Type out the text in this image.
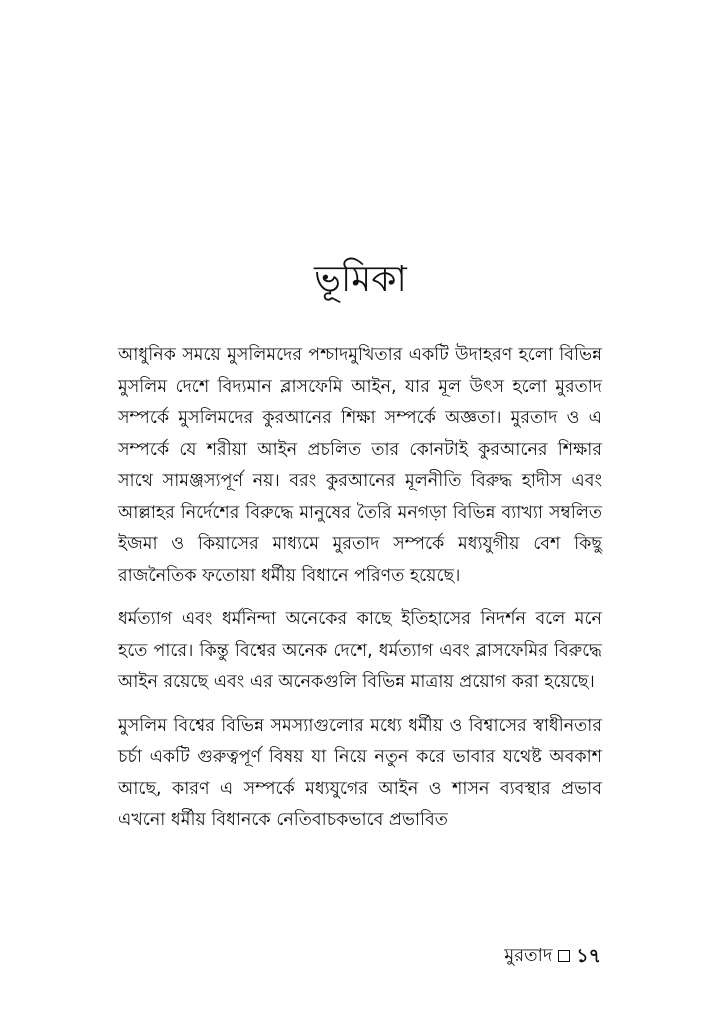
ভূমিকা

আধুনিক সময়ে মুসলিমদের পশ্চাদমুখিতার একটি উদাহরণ হলো বিভিন্ন মুসলিম দেশে বিদ্যমান ব্লাসফেমি আইন, যার মূল উৎস হলো মুরতাদ সম্পর্কে মুসলিমদের কুরআনের শিক্ষা সম্পর্কে অজ্ঞতা। মুরতাদ ও এ সম্পর্কে যে শরীয়া আইন প্রচলিত তার কোনটাই কুরআনের শিক্ষার সাথে সামঞ্জস্যপূর্ণ নয়। বরং কুরআনের মূলনীতি বিরুদ্ধ হাদীস এবং আল্লাহর নির্দেশের বিরুদ্ধে মানুষের তৈরি মনগড়া বিভিন্ন ব্যাখ্যা সম্বলিত ইজমা ও কিয়াসের মাধ্যমে মুরতাদ সম্পর্কে মধ্যযুগীয় বেশ কিছু রাজনৈতিক ফতোয়া ধর্মীয় বিধানে পরিণত হয়েছে।

ধর্মত্যাগ এবং ধর্মনিন্দা অনেকের কাছে ইতিহাসের নিদর্শন বলে মনে হতে পারে। কিন্তু বিশ্বের অনেক দেশে, ধর্মত্যাগ এবং ব্লাসফেমির বিরুদ্ধে আইন রয়েছে এবং এর অনেকগুলি বিভিন্ন মাত্রায় প্রয়োগ করা হয়েছে।

মুসলিম বিশ্বের বিভিন্ন সমস্যাগুলোর মধ্যে ধর্মীয় ও বিশ্বাসের স্বাধীনতার চর্চা একটি গুরুত্বপূর্ণ বিষয় যা নিয়ে নতুন করে ভাবার যথেষ্ট অবকাশ আছে, কারণ এ সম্পর্কে মধ্যযুগের আইন ও শাসন ব্যবস্থার প্রভাব এখনো ধর্মীয় বিধানকে নেতিবাচকভাবে প্রভাবিত

মুরতাদ ১৭
